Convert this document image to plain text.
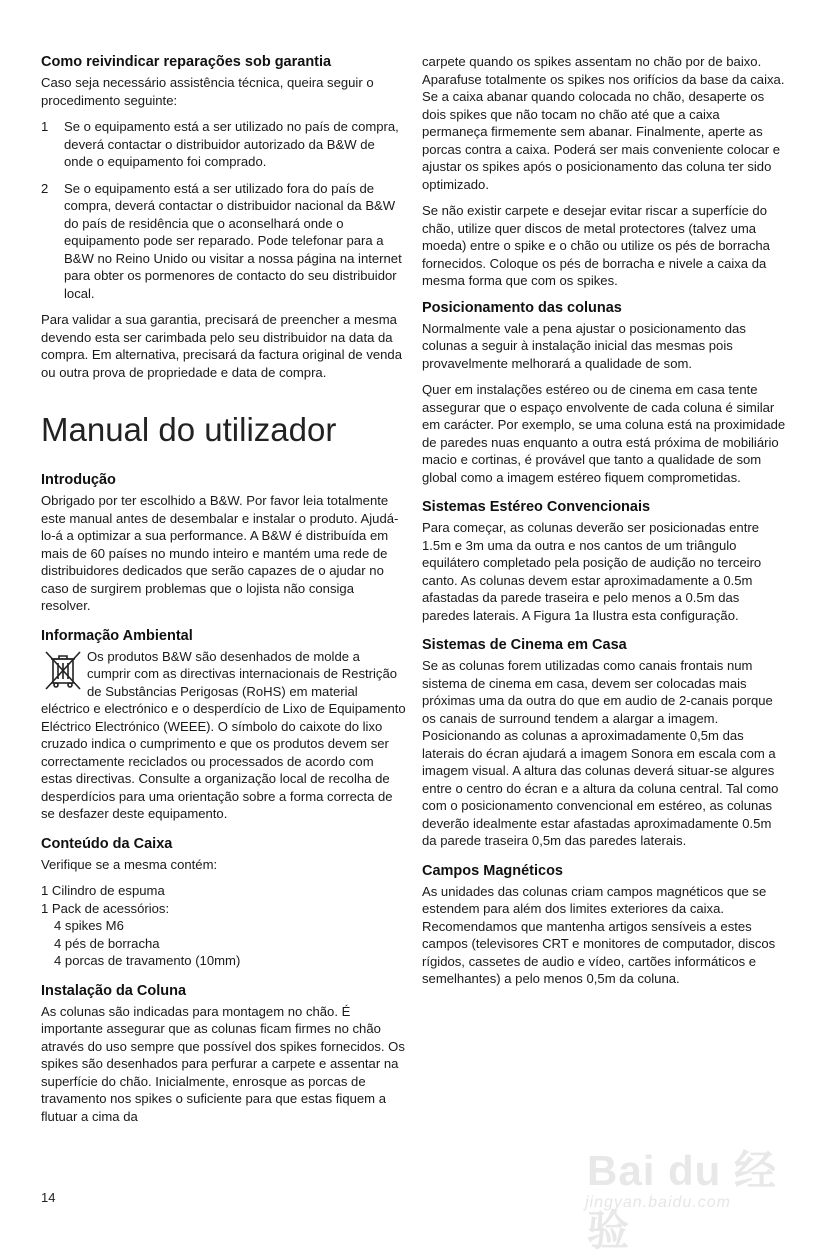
Como reivindicar reparações sob garantia

Caso seja necessário assistência técnica, queira seguir o procedimento seguinte:

1 Se o equipamento está a ser utilizado no país de compra, deverá contactar o distribuidor autorizado da B&W de onde o equipamento foi comprado.
2 Se o equipamento está a ser utilizado fora do país de compra, deverá contactar o distribuidor nacional da B&W do país de residência que o aconselhará onde o equipamento pode ser reparado. Pode telefonar para a B&W no Reino Unido ou visitar a nossa página na internet para obter os pormenores de contacto do seu distribuidor local.

Para validar a sua garantia, precisará de preencher a mesma devendo esta ser carimbada pelo seu distribuidor na data da compra. Em alternativa, precisará da factura original de venda ou outra prova de propriedade e data de compra.

Manual do utilizador
Introdução

Obrigado por ter escolhido a B&W. Por favor leia totalmente este manual antes de desembalar e instalar o produto. Ajudá-lo-á a optimizar a sua performance. A B&W é distribuída em mais de 60 países no mundo inteiro e mantém uma rede de distribuidores dedicados que serão capazes de o ajudar no caso de surgirem problemas que o lojista não consiga resolver.

Informação Ambiental

Os produtos B&W são desenhados de molde a cumprir com as directivas internacionais de Restrição de Substâncias Perigosas (RoHS) em material eléctrico e electrónico e o desperdício de Lixo de Equipamento Eléctrico Electrónico (WEEE). O símbolo do caixote do lixo cruzado indica o cumprimento e que os produtos devem ser correctamente reciclados ou processados de acordo com estas directivas. Consulte a organização local de recolha de desperdícios para uma orientação sobre a forma correcta de se desfazer deste equipamento.

Conteúdo da Caixa

Verifique se a mesma contém:

1 Cilindro de espuma
1 Pack de acessórios:
4 spikes M6
4 pés de borracha
4 porcas de travamento (10mm)
Instalação da Coluna

As colunas são indicadas para montagem no chão. É importante assegurar que as colunas ficam firmes no chão através do uso sempre que possível dos spikes fornecidos. Os spikes são desenhados para perfurar a carpete e assentar na superfície do chão. Inicialmente, enrosque as porcas de travamento nos spikes o suficiente para que estas fiquem a flutuar a cima da

carpete quando os spikes assentam no chão por de baixo. Aparafuse totalmente os spikes nos orifícios da base da caixa. Se a caixa abanar quando colocada no chão, desaperte os dois spikes que não tocam no chão até que a caixa permaneça firmemente sem abanar. Finalmente, aperte as porcas contra a caixa. Poderá ser mais conveniente colocar e ajustar os spikes após o posicionamento das coluna ter sido optimizado.

Se não existir carpete e desejar evitar riscar a superfície do chão, utilize quer discos de metal protectores (talvez uma moeda) entre o spike e o chão ou utilize os pés de borracha fornecidos. Coloque os pés de borracha e nivele a caixa da mesma forma que com os spikes.

Posicionamento das colunas

Normalmente vale a pena ajustar o posicionamento das colunas a seguir à instalação inicial das mesmas pois provavelmente melhorará a qualidade de som.

Quer em instalações estéreo ou de cinema em casa tente assegurar que o espaço envolvente de cada coluna é similar em carácter. Por exemplo, se uma coluna está na proximidade de paredes nuas enquanto a outra está próxima de mobiliário macio e cortinas, é provável que tanto a qualidade de som global como a imagem estéreo fiquem comprometidas.

Sistemas Estéreo Convencionais

Para começar, as colunas deverão ser posicionadas entre 1.5m e 3m uma da outra e nos cantos de um triângulo equilátero completado pela posição de audição no terceiro canto. As colunas devem estar aproximadamente a 0.5m afastadas da parede traseira e pelo menos a 0.5m das paredes laterais. A Figura 1a Ilustra esta configuração.

Sistemas de Cinema em Casa

Se as colunas forem utilizadas como canais frontais num sistema de cinema em casa, devem ser colocadas mais próximas uma da outra do que em audio de 2-canais porque os canais de surround tendem a alargar a imagem. Posicionando as colunas a aproximadamente 0,5m das laterais do écran ajudará a imagem Sonora em escala com a imagem visual. A altura das colunas deverá situar-se algures entre o centro do écran e a altura da coluna central. Tal como com o posicionamento convencional em estéreo, as colunas deverão idealmente estar afastadas aproximadamente 0.5m da parede traseira 0,5m das paredes laterais.

Campos Magnéticos

As unidades das colunas criam campos magnéticos que se estendem para além dos limites exteriores da caixa. Recomendamos que mantenha artigos sensíveis a estes campos (televisores CRT e monitores de computador, discos rígidos, cassetes de audio e vídeo, cartões informáticos e semelhantes) a pelo menos 0,5m da coluna.

14
Bai du 经验
jingyan.baidu.com
